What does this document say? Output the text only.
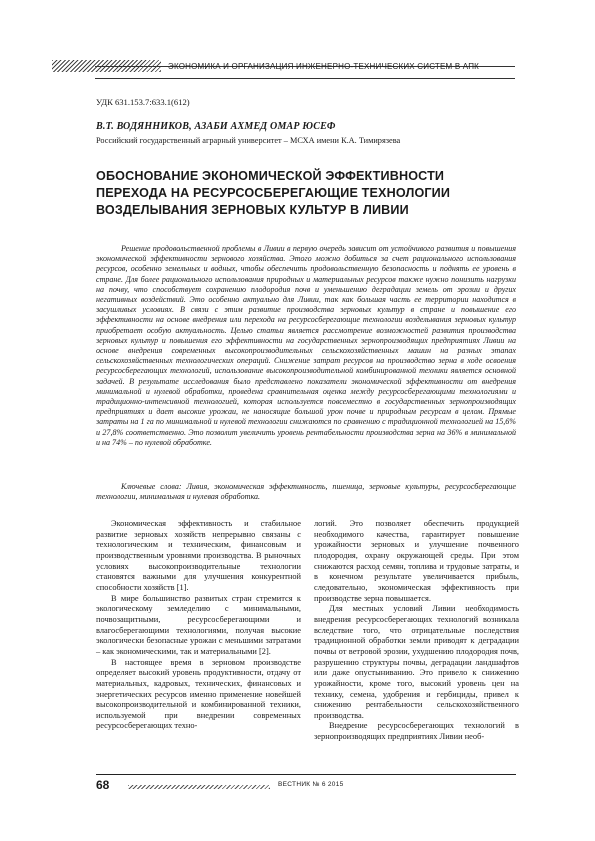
ЭКОНОМИКА И ОРГАНИЗАЦИЯ ИНЖЕНЕРНО-ТЕХНИЧЕСКИХ СИСТЕМ В АПК
УДК 631.153.7:633.1(612)
В.Т. ВОДЯННИКОВ, АЗАБИ АХМЕД ОМАР ЮСЕФ
Российский государственный аграрный университет – МСХА имени К.А. Тимирязева
ОБОСНОВАНИЕ ЭКОНОМИЧЕСКОЙ ЭФФЕКТИВНОСТИ ПЕРЕХОДА НА РЕСУРСОСБЕРЕГАЮЩИЕ ТЕХНОЛОГИИ ВОЗДЕЛЫВАНИЯ ЗЕРНОВЫХ КУЛЬТУР В ЛИВИИ
Решение продовольственной проблемы в Ливии в первую очередь зависит от устойчивого развития и повышения экономической эффективности зернового хозяйства. Этого можно добиться за счет рационального использования ресурсов, особенно земельных и водных, чтобы обеспечить продовольственную безопасность и поднять ее уровень в стране. Для более рационального использования природных и материальных ресурсов также нужно понизить нагрузки на почву, что способствует сохранению плодородия почв и уменьшению деградации земель от эрозии и других негативных воздействий. Это особенно актуально для Ливии, так как большая часть ее территории находится в засушливых условиях. В связи с этим развитие производства зерновых культур в стране и повышение его эффективности на основе внедрения или перехода на ресурсосберегающие технологии возделывания зерновых культур приобретает особую актуальность. Целью статьи является рассмотрение возможностей развития производства зерновых культур и повышения его эффективности на государственных зернопроизводящих предприятиях Ливии на основе внедрения современных высокопроизводительных сельскохозяйственных машин на разных этапах сельскохозяйственных технологических операций. Снижение затрат ресурсов на производство зерна в ходе освоения ресурсосберегающих технологий, использование высокопроизводительной комбинированной техники является основной задачей. В результате исследования было представлено показатели экономической эффективности от внедрения минимальной и нулевой обработки, проведена сравнительная оценка между ресурсосберегающими технологиями и традиционно-интенсивной технологией, которая используется повсеместно в государственных зернопроизводящих предприятиях и дает высокие урожаи, не наносящие большой урон почве и природным ресурсам в целом. Прямые затраты на 1 га по минимальной и нулевой технологии снижаются по сравнению с традиционной технологией на 15,6% и 27,8% соответственно. Это позволит увеличить уровень рентабельности производства зерна на 36% в минимальной и на 74% – по нулевой обработке.
Ключевые слова: Ливия, экономическая эффективность, пшеница, зерновые культуры, ресурсосберегающие технологии, минимальная и нулевая обработка.

Экономическая эффективность и стабильное развитие зерновых хозяйств непрерывно связаны с технологическим и техническим, финансовым и производственным уровнями производства. В рыночных условиях высокопроизводительные технологии становятся важными для улучшения конкурентной способности хозяйств [1].

В мире большинство развитых стран стремится к экологическому земледелию с минимальными, почвозащитными, ресурсосберегающими и влагосберегающими технологиями, получая высокие экологически безопасные урожаи с меньшими затратами – как экономическими, так и материальными [2].

В настоящее время в зерновом производстве определяет высокий уровень продуктивности, отдачу от материальных, кадровых, технических, финансовых и энергетических ресурсов именно применение новейшей высокопроизводительной и комбинированной техники, используемой при внедрении современных ресурсосберегающих техно-

логий. Это позволяет обеспечить продукцией необходимого качества, гарантирует повышение урожайности зерновых и улучшение почвенного плодородия, охрану окружающей среды. При этом снижаются расход семян, топлива и трудовые затраты, и в конечном результате увеличивается прибыль, следовательно, экономическая эффективность при производстве зерна повышается.

Для местных условий Ливии необходимость внедрения ресурсосберегающих технологий возникала вследствие того, что отрицательные последствия традиционной обработки земли приводят к деградации почвы от ветровой эрозии, ухудшению плодородия почв, разрушению структуры почвы, деградации ландшафтов или даже опустыниванию. Это привело к снижению урожайности, кроме того, высокий уровень цен на технику, семена, удобрения и гербициды, привел к снижению рентабельности сельскохозяйственного производства.

Внедрение ресурсосберегающих технологий в зернопроизводящих предприятиях Ливии необ-

68	ВЕСТНИК № 6 2015
